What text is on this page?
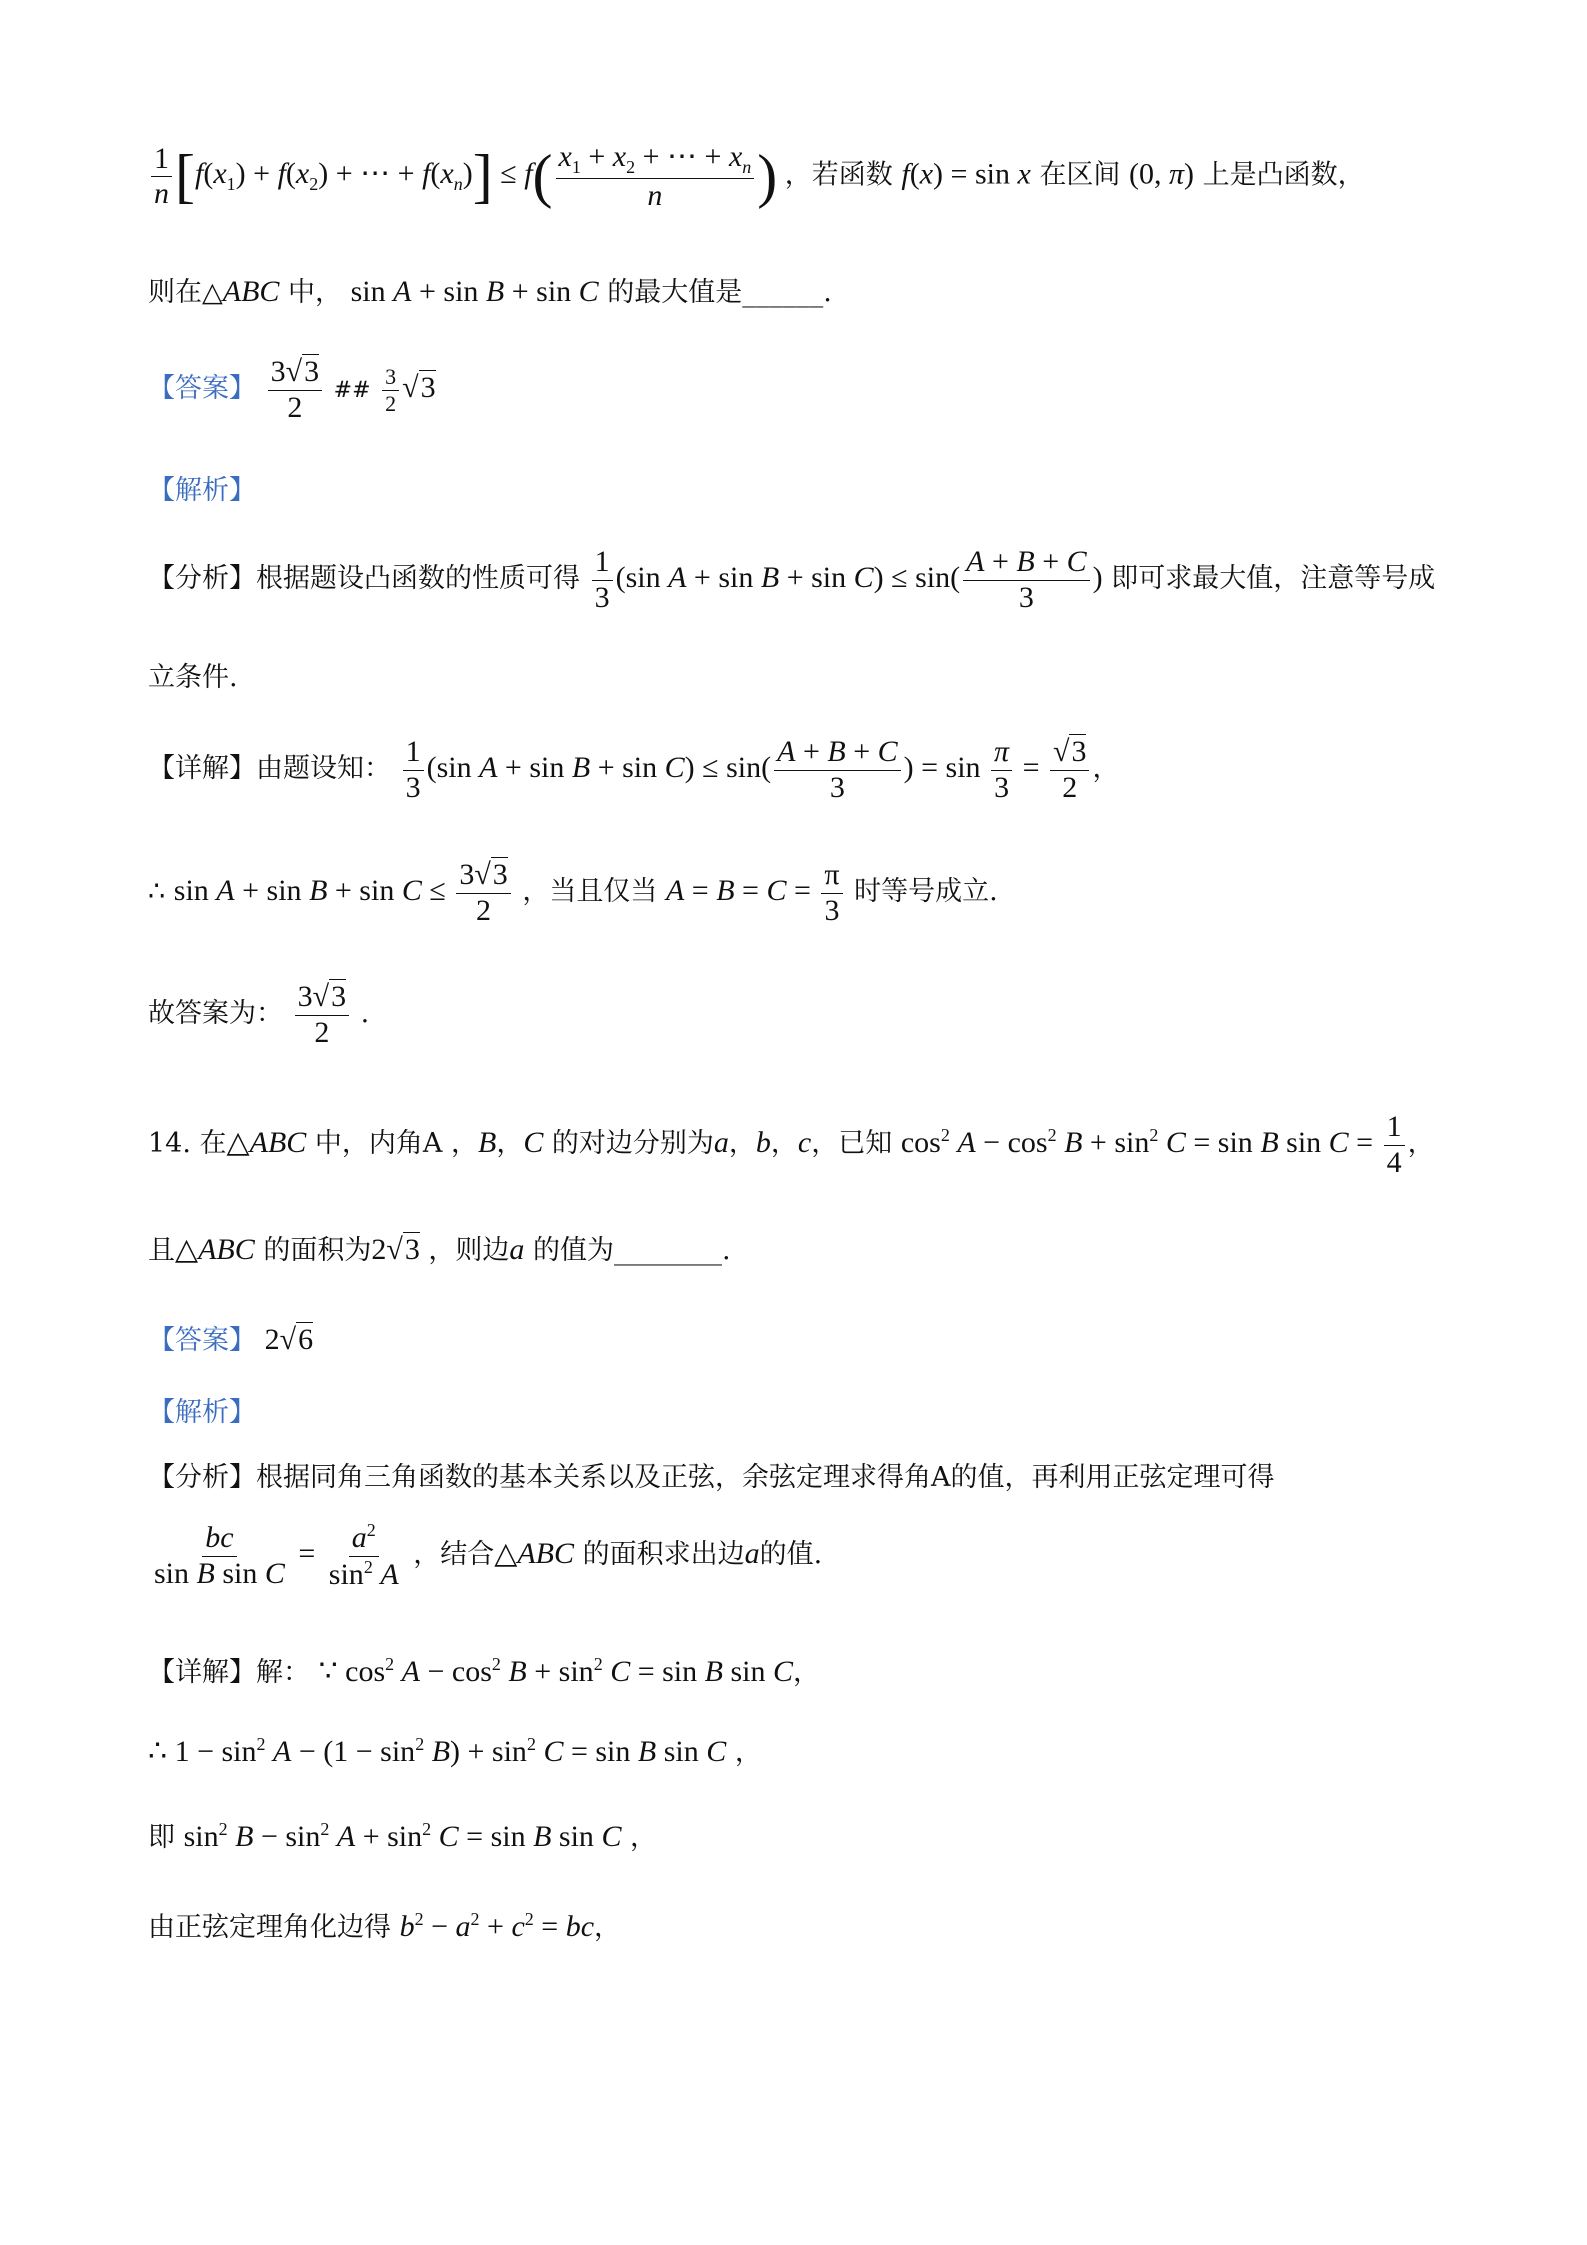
$\frac{1}{n} [f(x_1) + f(x_2)$ + ⋯ + $f(x_n)] \le f( \frac{x_1 + x_2 + \cdots + x_n}{n}$ ) ，若函数 f(x) = sin x 在区间 (0, π) 上是凸函数，
则在△ABC 中， sin A + sin B + sin C 的最大值是______.
【答案】 $\frac{3√3}{2}$ ## $\frac{3}{2} √3$
【解析】
【分析】根据题设凸函数的性质可得 $\frac{1}{3} (\sin$ $A + \sin B + \sin C) \le \sin( \frac{A + B + C}{3}$ ) 即可求最大值，注意等号成
立条件.
【详解】由题设知： $\frac{1}{3} (\sin$ $A + \sin B + \sin C) \le \sin( \frac{A + B + C}{3}$ ) = $\sin \frac{\pi}{3} = \frac{√3}{2}$ ，
∴ $\sin A + \sin B + \sin C \le \frac{3√3}{2}$ ，当且仅当 $A = B = C = \frac{\pi}{3}$ 时等号成立.
故答案为： $\frac{3√3}{2}$ .
14. 在△ABC 中，内角A ，B，C 的对边分别为a，b，c，已知 $\cos^2 A - \cos^2 B + \sin^2 C = \sin B$ $\sin C = \frac{1}{4}$ ，
且△ABC 的面积为2√3 ，则边a 的值为________.
【答案】 2√6
【解析】
【分析】根据同角三角函数的基本关系以及正弦，余弦定理求得角A的值，再利用正弦定理可得
$\frac{bc}{\text{sin B sin C}} = \frac{a^2}{\sin^2 A}$ ，结合△ABC 的面积求出边a的值.
【详解】解： ∵ $\cos^2 A - \cos^2 B + \sin^2 C = \sin B$ sin C，
∴ $1 - \sin^2 A - (1 - \sin^2 B) + \sin^2 C = \sin B$ sin C ，
即 $\sin^2 B - \sin^2 A + \sin^2 C = \sin B$ sin C ，
由正弦定理角化边得 $b^2 - a^2 + c^2$ = bc，
